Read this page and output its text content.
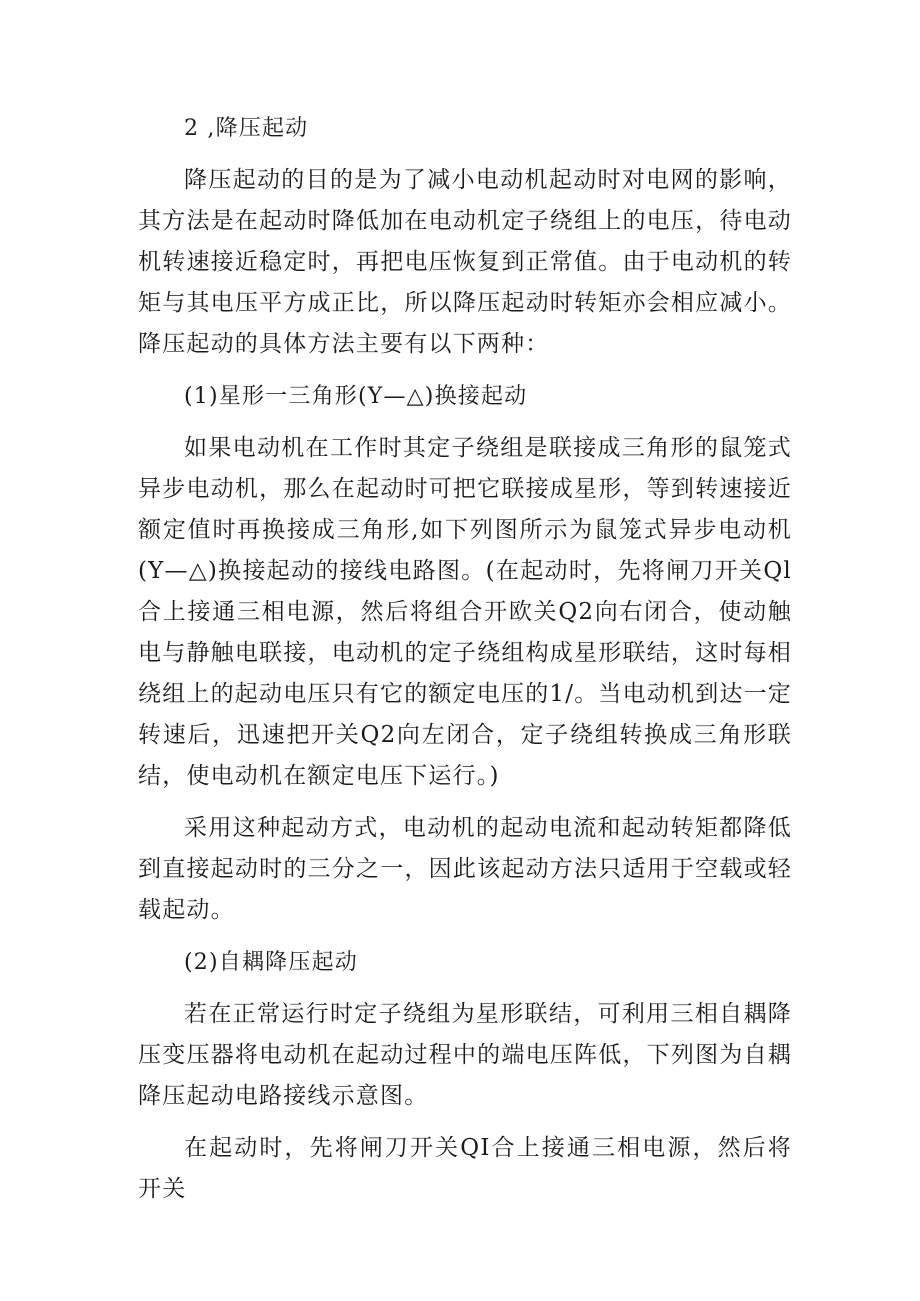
2 ,降压起动
降压起动的目的是为了减小电动机起动时对电网的影响，其方法是在起动时降低加在电动机定子绕组上的电压，待电动机转速接近稳定时，再把电压恢复到正常值。由于电动机的转矩与其电压平方成正比，所以降压起动时转矩亦会相应减小。降压起动的具体方法主要有以下两种：
(1)星形一三角形(Y—△)换接起动
如果电动机在工作时其定子绕组是联接成三角形的鼠笼式异步电动机，那么在起动时可把它联接成星形，等到转速接近额定值时再换接成三角形,如下列图所示为鼠笼式异步电动机(Y—△)换接起动的接线电路图。(在起动时，先将闸刀开关Ql合上接通三相电源，然后将组合开欧关Q2向右闭合，使动触电与静触电联接，电动机的定子绕组构成星形联结，这时每相绕组上的起动电压只有它的额定电压的1/。当电动机到达一定转速后，迅速把开关Q2向左闭合，定子绕组转换成三角形联结，使电动机在额定电压下运行。)
采用这种起动方式，电动机的起动电流和起动转矩都降低到直接起动时的三分之一，因此该起动方法只适用于空载或轻载起动。
(2)自耦降压起动
若在正常运行时定子绕组为星形联结，可利用三相自耦降压变压器将电动机在起动过程中的端电压阵低，下列图为自耦降压起动电路接线示意图。
在起动时，先将闸刀开关QI合上接通三相电源，然后将开关
